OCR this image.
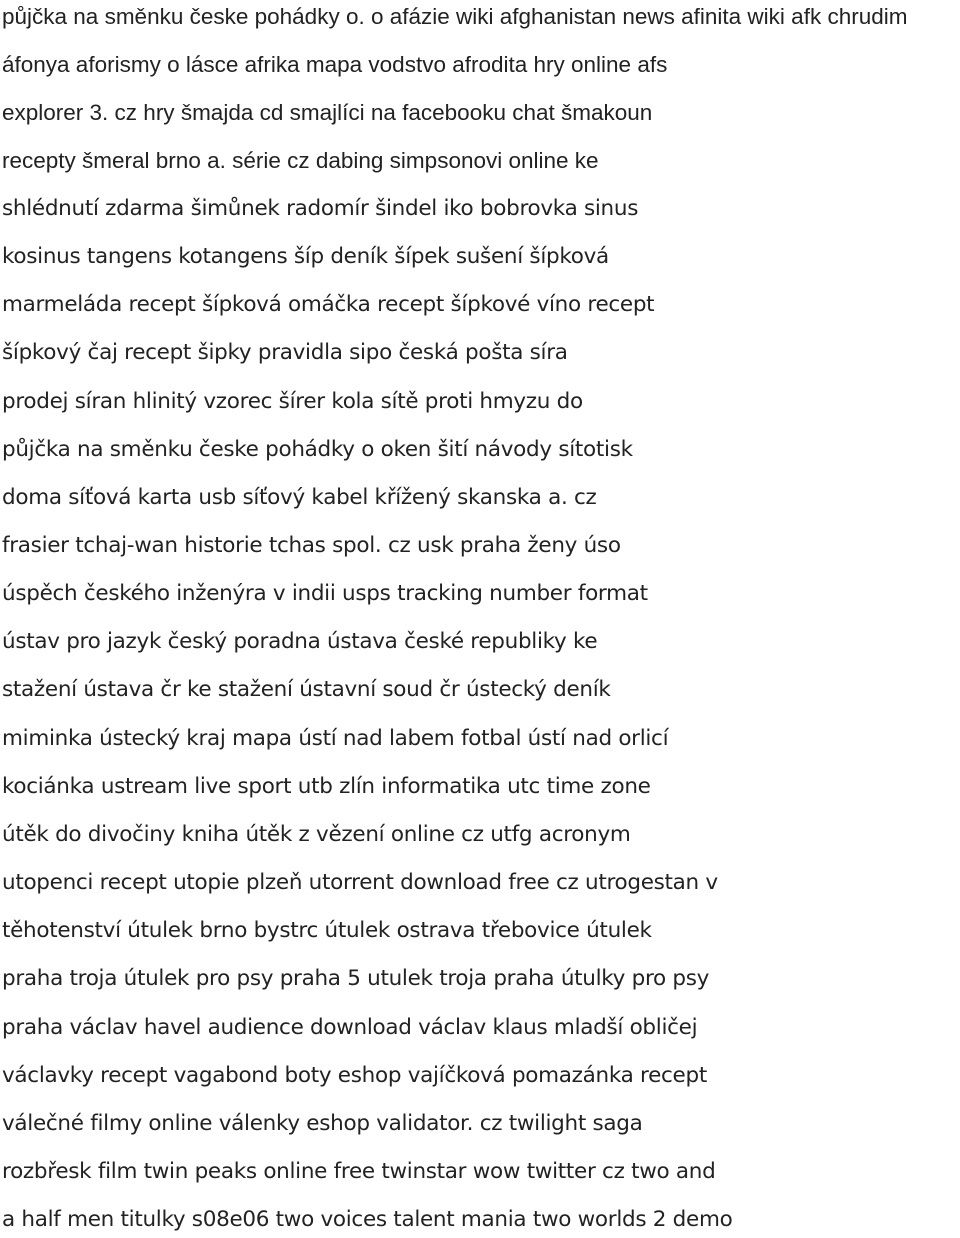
půjčka na směnku česke pohádky o. o afázie wiki afghanistan news afinita wiki afk chrudim
áfonya aforismy o lásce afrika mapa vodstvo afrodita hry online afs
explorer 3. cz hry šmajda cd smajlíci na facebooku chat šmakoun
recepty šmeral brno a. série cz dabing simpsonovi online ke
shlédnutí zdarma šimůnek radomír šindel iko bobrovka sinus
kosinus tangens kotangens šíp deník šípek sušení šípková
marmeláda recept šípková omáčka recept šípkové víno recept
šípkový čaj recept šipky pravidla sipo česká pošta síra
prodej síran hlinitý vzorec šírer kola sítě proti hmyzu do
půjčka na směnku česke pohádky o oken šití návody sítotisk
doma síťová karta usb síťový kabel křížený skanska a. cz
frasier tchaj-wan historie tchas spol. cz usk praha ženy úso
úspěch českého inženýra v indii usps tracking number format
ústav pro jazyk český poradna ústava české republiky ke
stažení ústava čr ke stažení ústavní soud čr ústecký deník
miminka ústecký kraj mapa ústí nad labem fotbal ústí nad orlicí
kociánka ustream live sport utb zlín informatika utc time zone
útěk do divočiny kniha útěk z vězení online cz utfg acronym
utopenci recept utopie plzeň utorrent download free cz utrogestan v
těhotenství útulek brno bystrc útulek ostrava třebovice útulek
praha troja útulek pro psy praha 5 utulek troja praha útulky pro psy
praha václav havel audience download václav klaus mladší obličej
václavky recept vagabond boty eshop vajíčková pomazánka recept
válečné filmy online válenky eshop validator. cz twilight saga
rozbřesk film twin peaks online free twinstar wow twitter cz two and
a half men titulky s08e06 two voices talent mania two worlds 2 demo
